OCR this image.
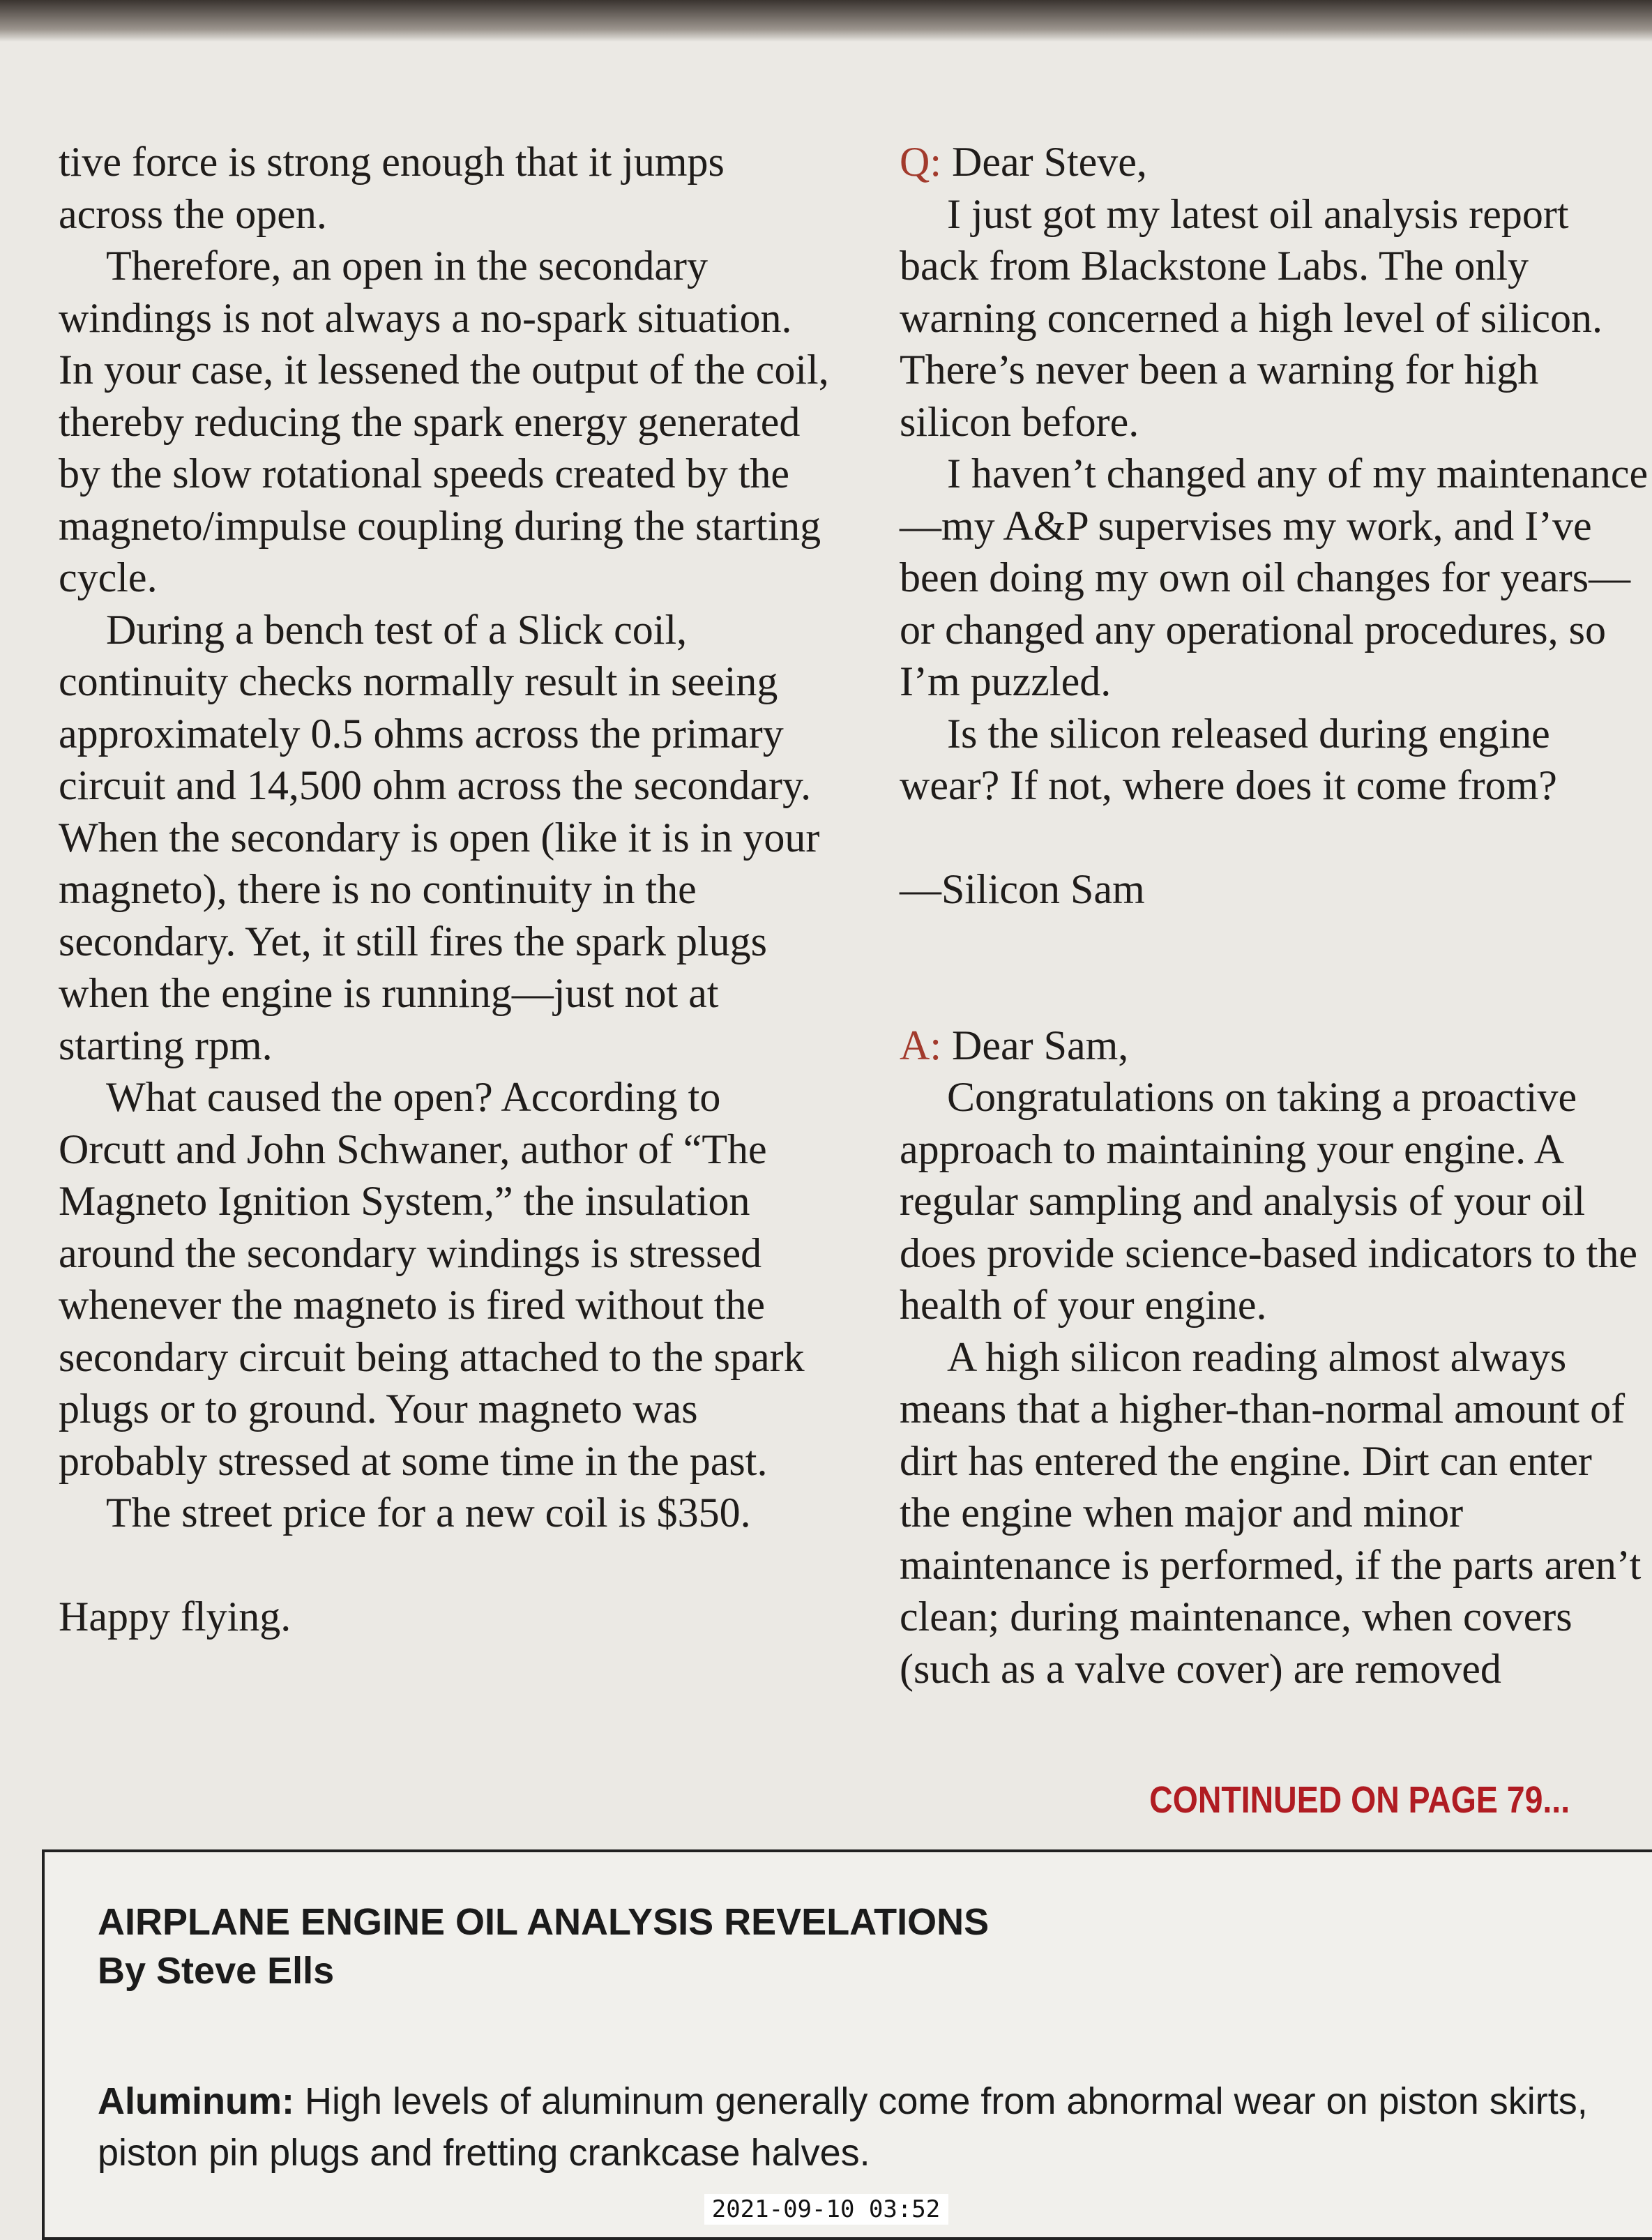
tive force is strong enough that it jumps across the open.

Therefore, an open in the secondary windings is not always a no-spark situation. In your case, it lessened the output of the coil, thereby reducing the spark energy generated by the slow rotational speeds created by the magneto/impulse coupling during the starting cycle.

During a bench test of a Slick coil, continuity checks normally result in seeing approximately 0.5 ohms across the primary circuit and 14,500 ohm across the secondary. When the secondary is open (like it is in your magneto), there is no continuity in the secondary. Yet, it still fires the spark plugs when the engine is running—just not at starting rpm.

What caused the open? According to Orcutt and John Schwaner, author of “The Magneto Ignition System,” the insulation around the secondary windings is stressed whenever the magneto is fired without the secondary circuit being attached to the spark plugs or to ground. Your magneto was probably stressed at some time in the past.

The street price for a new coil is $350.

Happy flying.

Q: Dear Steve,

I just got my latest oil analysis report back from Blackstone Labs. The only warning concerned a high level of silicon. There’s never been a warning for high silicon before.

I haven’t changed any of my maintenance—my A&P supervises my work, and I’ve been doing my own oil changes for years—or changed any operational procedures, so I’m puzzled.

Is the silicon released during engine wear? If not, where does it come from?

—Silicon Sam

A: Dear Sam,

Congratulations on taking a proactive approach to maintaining your engine. A regular sampling and analysis of your oil does provide science-based indicators to the health of your engine.

A high silicon reading almost always means that a higher-than-normal amount of dirt has entered the engine. Dirt can enter the engine when major and minor maintenance is performed, if the parts aren’t clean; during maintenance, when covers (such as a valve cover) are removed

CONTINUED ON PAGE 79...
AIRPLANE ENGINE OIL ANALYSIS REVELATIONS
By Steve Ells
Aluminum: High levels of aluminum generally come from abnormal wear on piston skirts, piston pin plugs and fretting crankcase halves.
2021-09-10 03:52
